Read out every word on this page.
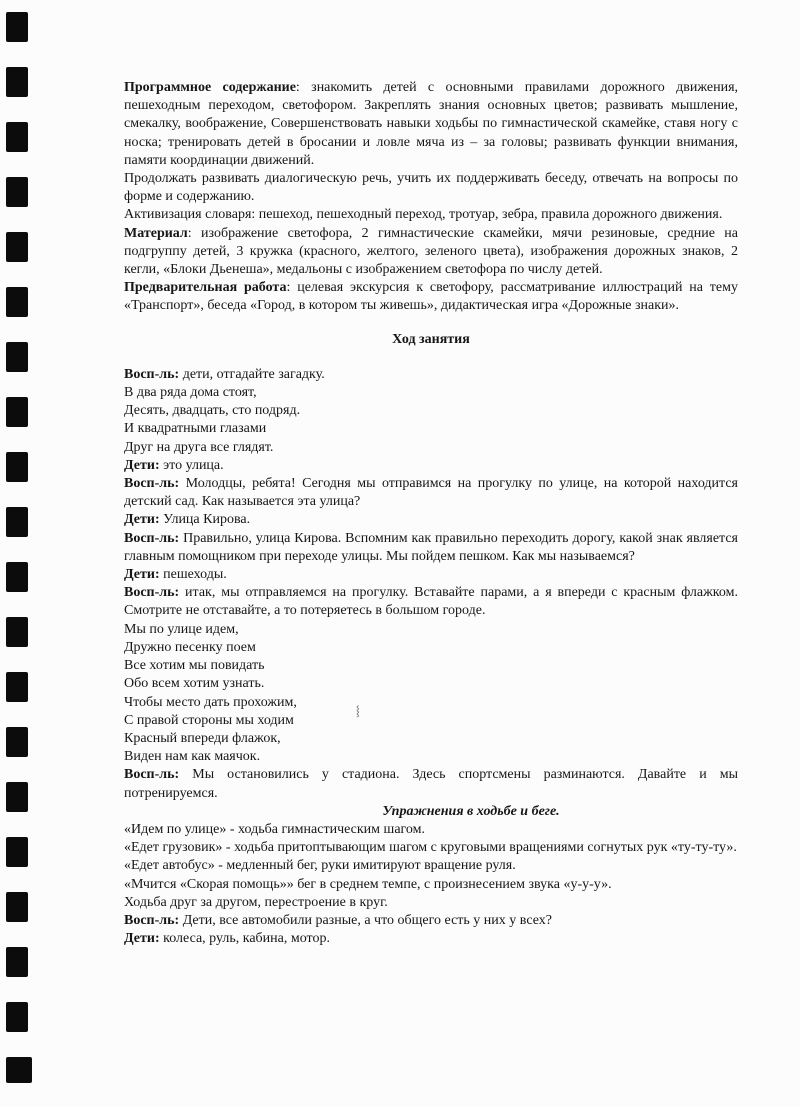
Программное содержание: знакомить детей с основными правилами дорожного движения, пешеходным переходом, светофором. Закреплять знания основных цветов; развивать мышление, смекалку, воображение, Совершенствовать навыки ходьбы по гимнастической скамейке, ставя ногу с носка; тренировать детей в бросании и ловле мяча из – за головы; развивать функции внимания, памяти координации движений.

Продолжать развивать диалогическую речь, учить их поддерживать беседу, отвечать на вопросы по форме и содержанию.

Активизация словаря: пешеход, пешеходный переход, тротуар, зебра, правила дорожного движения.

Материал: изображение светофора, 2 гимнастические скамейки, мячи резиновые, средние на подгруппу детей, 3 кружка (красного, желтого, зеленого цвета), изображения дорожных знаков, 2 кегли, «Блоки Дьенеша», медальоны с изображением светофора по числу детей.

Предварительная работа: целевая экскурсия к светофору, рассматривание иллюстраций на тему «Транспорт», беседа «Город, в котором ты живешь», дидактическая игра «Дорожные знаки».

Ход занятия

Восп-ль: дети, отгадайте загадку.

В два ряда дома стоят,

Десять, двадцать, сто подряд.

И квадратными глазами

Друг на друга все глядят.

Дети: это улица.

Восп-ль: Молодцы, ребята! Сегодня мы отправимся на прогулку по улице, на которой находится детский сад. Как называется эта улица?

Дети: Улица Кирова.

Восп-ль: Правильно, улица Кирова. Вспомним как правильно переходить дорогу, какой знак является главным помощником при переходе улицы. Мы пойдем пешком. Как мы называемся?

Дети: пешеходы.

Восп-ль: итак, мы отправляемся на прогулку. Вставайте парами, а я впереди с красным флажком. Смотрите не отставайте, а то потеряетесь в большом городе.

Мы по улице идем,

Дружно песенку поем

Все хотим мы повидать

Обо всем хотим узнать.

Чтобы место дать прохожим,

С правой стороны мы ходим

Красный впереди флажок,

Виден нам как маячок.

Восп-ль: Мы остановились у стадиона. Здесь спортсмены разминаются. Давайте и мы потренируемся.

Упражнения в ходьбе и беге.

«Идем по улице» - ходьба гимнастическим шагом.

«Едет грузовик» - ходьба притоптывающим шагом с круговыми вращениями согнутых рук «ту-ту-ту».

«Едет автобус» - медленный бег, руки имитируют вращение руля.

«Мчится «Скорая помощь»» бег в среднем темпе, с произнесением звука «у-у-у».

Ходьба друг за другом, перестроение в круг.

Восп-ль: Дети, все автомобили разные, а что общего есть у них у всех?

Дети: колеса, руль, кабина, мотор.

⸾
